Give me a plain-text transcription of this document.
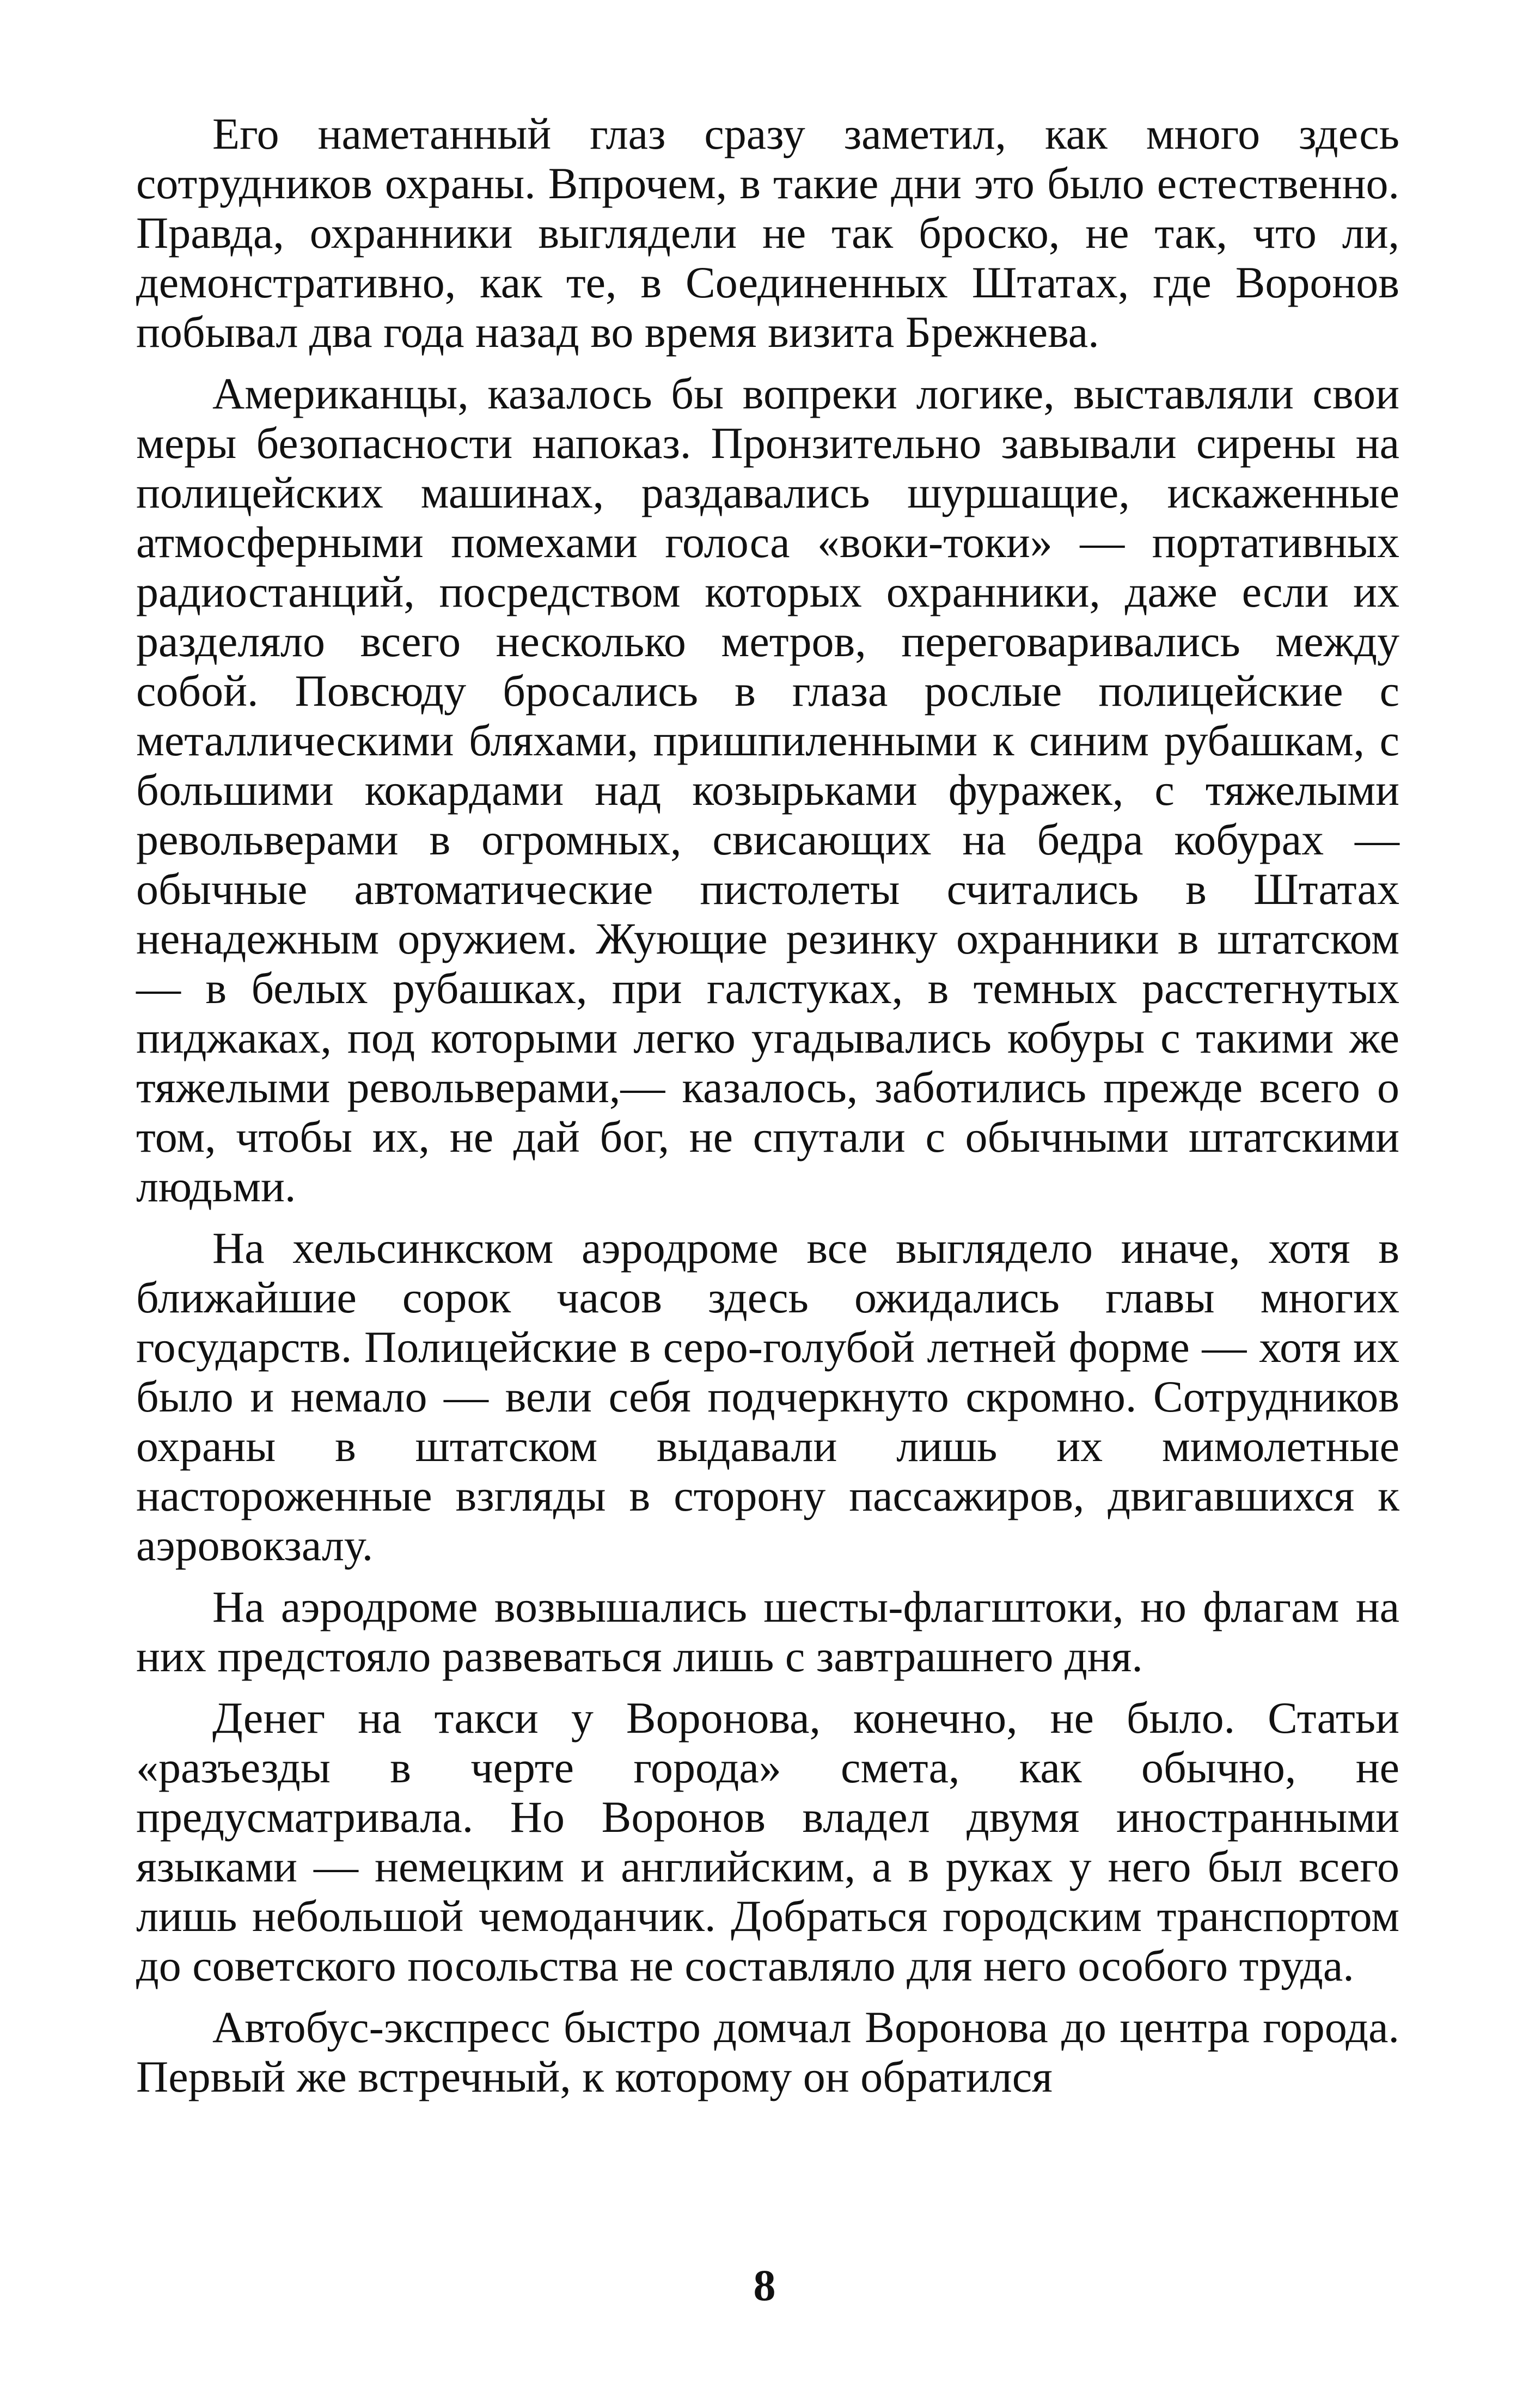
Его наметанный глаз сразу заметил, как много здесь сотрудников охраны. Впрочем, в такие дни это было естественно. Правда, охранники выглядели не так броско, не так, что ли, демонстративно, как те, в Соединенных Штатах, где Воронов побывал два года назад во время визита Брежнева.

Американцы, казалось бы вопреки логике, выставляли свои меры безопасности напоказ. Пронзительно завывали сирены на полицейских машинах, раздавались шуршащие, искаженные атмосферными помехами голоса «воки-токи» — портативных радиостанций, посредством которых охранники, даже если их разделяло всего несколько метров, переговаривались между собой. Повсюду бросались в глаза рослые полицейские с металлическими бляхами, пришпиленными к синим рубашкам, с большими кокардами над козырьками фуражек, с тяжелыми револьверами в огромных, свисающих на бедра кобурах — обычные автоматические пистолеты считались в Штатах ненадежным оружием. Жующие резинку охранники в штатском — в белых рубашках, при галстуках, в темных расстегнутых пиджаках, под которыми легко угадывались кобуры с такими же тяжелыми револьверами,— казалось, заботились прежде всего о том, чтобы их, не дай бог, не спутали с обычными штатскими людьми.

На хельсинкском аэродроме все выглядело иначе, хотя в ближайшие сорок часов здесь ожидались главы многих государств. Полицейские в серо-голубой летней форме — хотя их было и немало — вели себя подчеркнуто скромно. Сотрудников охраны в штатском выдавали лишь их мимолетные настороженные взгляды в сторону пассажиров, двигавшихся к аэровокзалу.

На аэродроме возвышались шесты-флагштоки, но флагам на них предстояло развеваться лишь с завтрашнего дня.

Денег на такси у Воронова, конечно, не было. Статьи «разъезды в черте города» смета, как обычно, не предусматривала. Но Воронов владел двумя иностранными языками — немецким и английским, а в руках у него был всего лишь небольшой чемоданчик. Добраться городским транспортом до советского посольства не составляло для него особого труда.

Автобус-экспресс быстро домчал Воронова до центра города. Первый же встречный, к которому он обратился

8
